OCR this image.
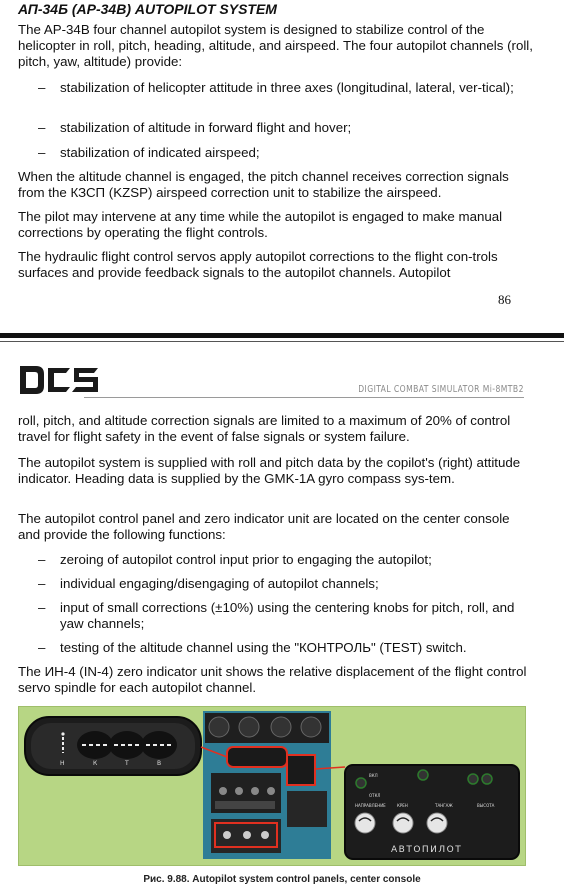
АП-34Б (AP-34B) AUTOPILOT SYSTEM

The AP-34B four channel autopilot system is designed to stabilize control of the helicopter in roll, pitch, heading, altitude, and airspeed. The four autopilot channels (roll, pitch, yaw, altitude) provide:

–	stabilization of helicopter attitude in three axes (longitudinal, lateral, ver-tical);
–	stabilization of altitude in forward flight and hover;
–	stabilization of indicated airspeed;

When the altitude channel is engaged, the pitch channel receives correction signals from the КЗСП (KZSP) airspeed correction unit to stabilize the airspeed.

The pilot may intervene at any time while the autopilot is engaged to make manual corrections by operating the flight controls.

The hydraulic flight control servos apply autopilot corrections to the flight con-trols surfaces and provide feedback signals to the autopilot channels. Autopilot

86
DIGITAL COMBAT SIMULATOR Mi-8MTB2

roll, pitch, and altitude correction signals are limited to a maximum of 20% of control travel for flight safety in the event of false signals or system failure.

The autopilot system is supplied with roll and pitch data by the copilot's (right) attitude indicator. Heading data is supplied by the GMK-1A gyro compass sys-tem.

The autopilot control panel and zero indicator unit are located on the center console and provide the following functions:

–	zeroing of autopilot control input prior to engaging the autopilot;
–	individual engaging/disengaging of autopilot channels;
–	input of small corrections (±10%) using the centering knobs for pitch, roll, and yaw channels;
–	testing of the altitude channel using the "КОНТРОЛЬ" (TEST) switch.

The ИН-4 (IN-4) zero indicator unit shows the relative displacement of the flight control servo spindle for each autopilot channel.

Н	К	Т	В
ВКЛ
ОТКЛ
НАПРАВЛЕНИЕ	КРЕН	ТАНГАЖ	ВЫСОТА
АВТОПИЛОТ
Рис. 9.88. Autopilot system control panels, center console
